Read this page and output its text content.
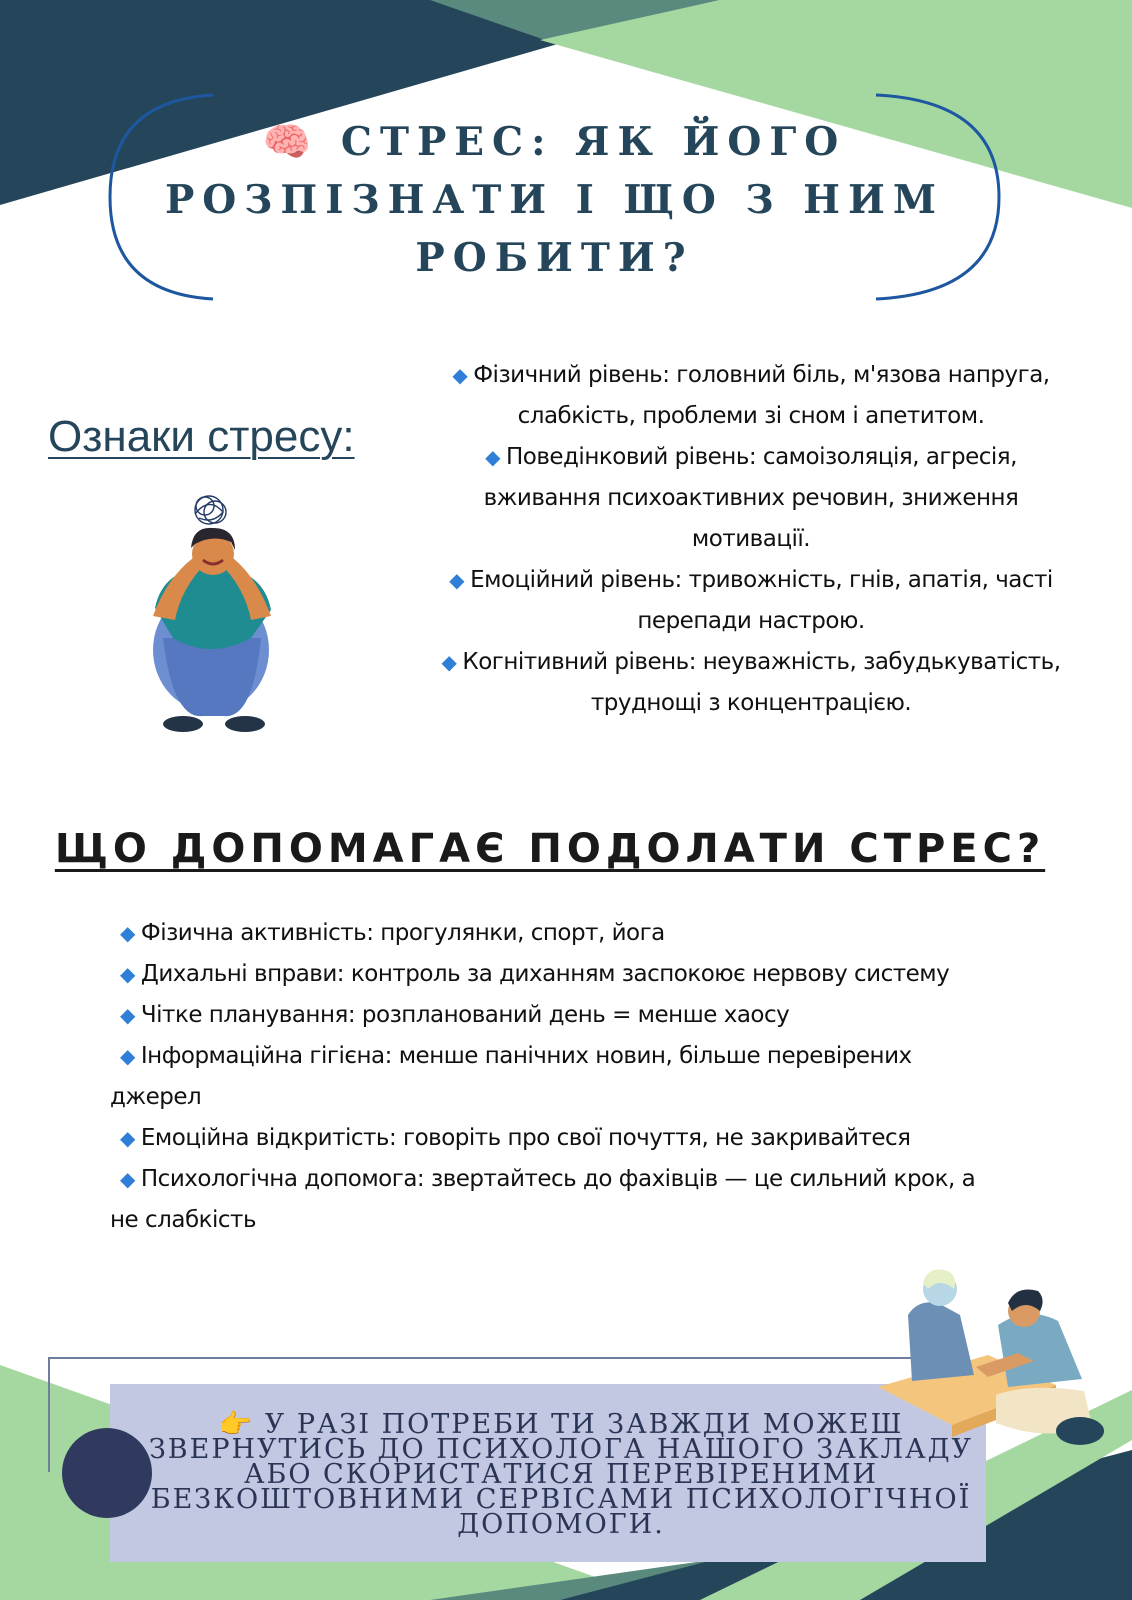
🧠 СТРЕС: ЯК ЙОГО РОЗПІЗНАТИ І ЩО З НИМ РОБИТИ?
Ознаки стресу:
◆ Фізичний рівень: головний біль, м'язова напруга, слабкість, проблеми зі сном і апетитом.
◆ Поведінковий рівень: самоізоляція, агресія, вживання психоактивних речовин, зниження мотивації.
◆ Емоційний рівень: тривожність, гнів, апатія, часті перепади настрою.
◆ Когнітивний рівень: неуважність, забудькуватість, труднощі з концентрацією.
ЩО ДОПОМАГАЄ ПОДОЛАТИ СТРЕС?
◆ Фізична активність: прогулянки, спорт, йога
◆ Дихальні вправи: контроль за диханням заспокоює нервову систему
◆ Чітке планування: розпланований день = менше хаосу
◆ Інформаційна гігієна: менше панічних новин, більше перевірених джерел
◆ Емоційна відкритість: говоріть про свої почуття, не закривайтеся
◆ Психологічна допомога: звертайтесь до фахівців — це сильний крок, а не слабкість
👉 У РАЗІ ПОТРЕБИ ТИ ЗАВЖДИ МОЖЕШ ЗВЕРНУТИСЬ ДО ПСИХОЛОГА НАШОГО ЗАКЛАДУ АБО СКОРИСТАТИСЯ ПЕРЕВІРЕНИМИ БЕЗКОШТОВНИМИ СЕРВІСАМИ ПСИХОЛОГІЧНОЇ ДОПОМОГИ.
